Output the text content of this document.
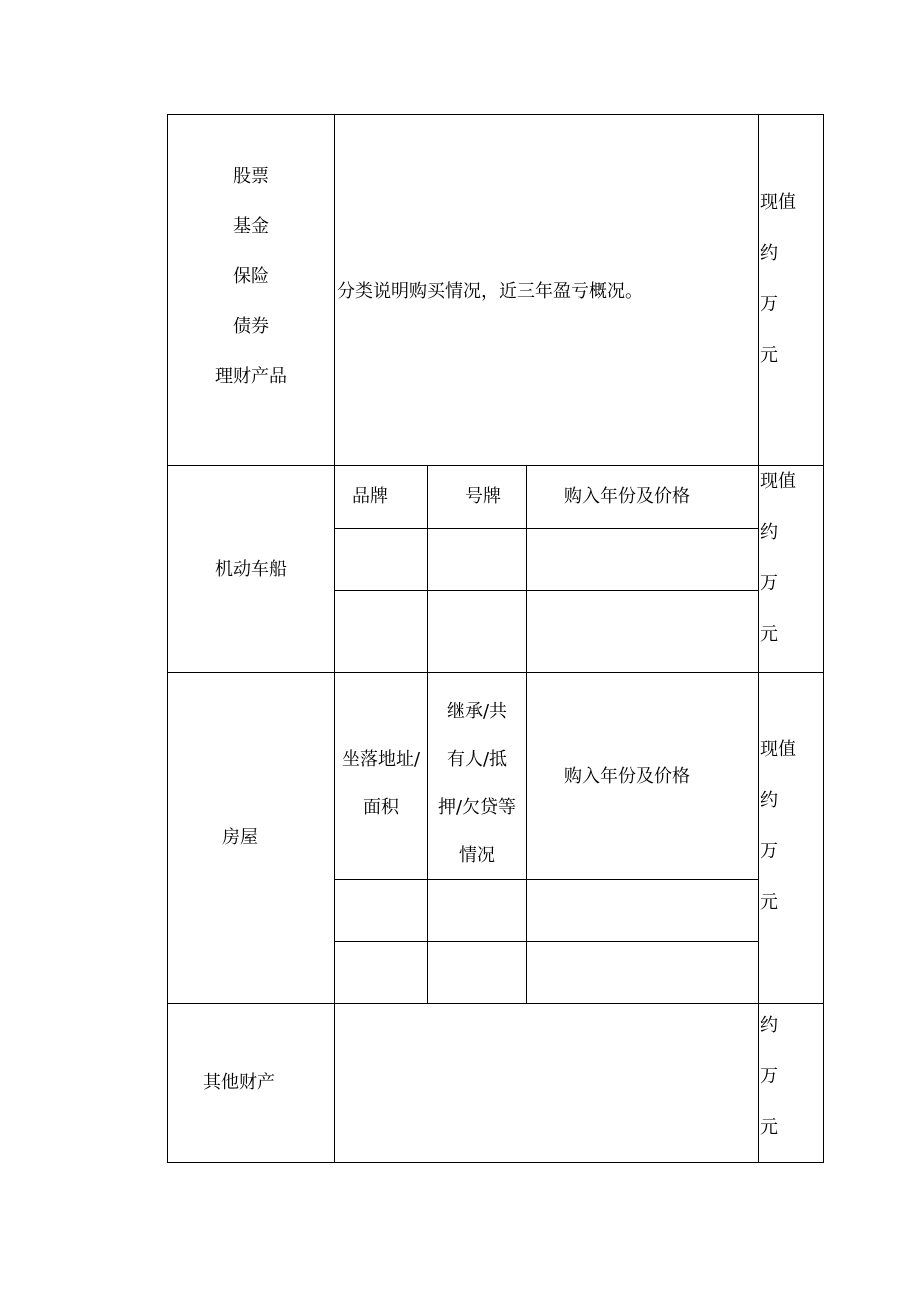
股票
基金
保险
债券
理财产品
分类说明购买情况，近三年盈亏概况。
现值
约
万
元
机动车船
品牌	号牌	购入年份及价格
现值
约
万
元
房屋
坐落地址/
面积
继承/共
有人/抵
押/欠贷等
情况
购入年份及价格
现值
约
万
元
其他财产
约
万
元
